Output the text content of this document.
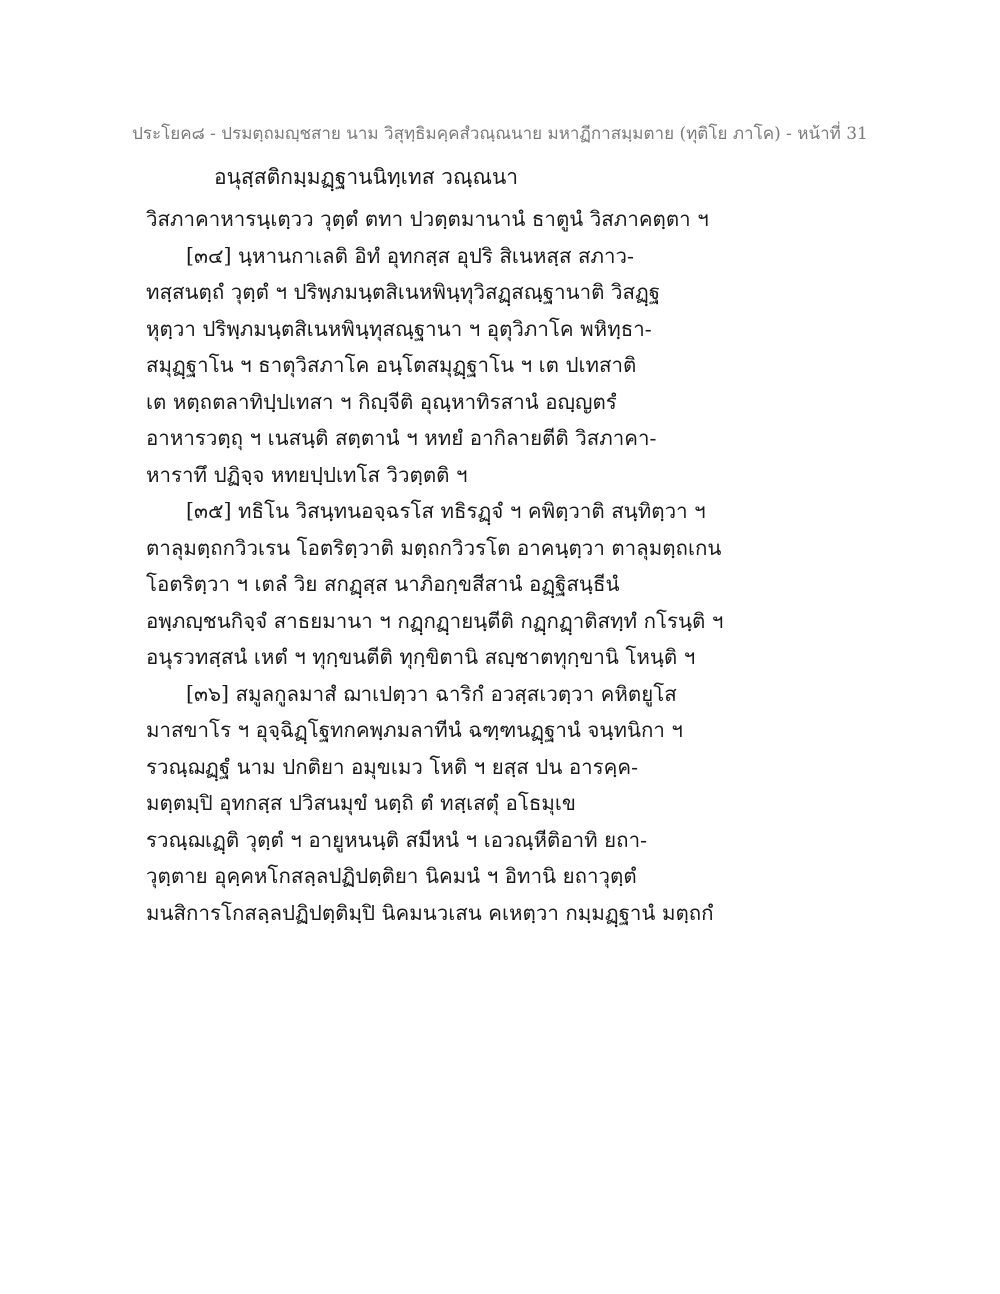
ประโยค๘ - ปรมตฺถมญฺชสาย นาม วิสุทฺธิมคฺคสํวณฺณนาย มหาฏีกาสมฺมตาย (ทุติโย ภาโค) - หน้าที่ 31
อนุสฺสติกมฺมฏฺฐานนิทฺเทส วณฺณนา
วิสภาคาหารนฺเตฺวว วุตฺตํ ตทา ปวตฺตมานานํ ธาตูนํ วิสภาคตฺตา ฯ
[๓๔] นฺหานกาเลติ อิทํ อุทกสฺส อุปริ สิเนหสฺส สภาว-
ทสฺสนตฺถํ วุตฺตํ ฯ ปริพฺภมนฺตสิเนหพินฺทุวิสฏฺสณฺฐานาติ วิสฏฺฐ
หุตฺวา ปริพฺภมนฺตสิเนหพินฺทุสณฺฐานา ฯ อุตุวิภาโค พหิทฺธา-
สมุฏฺฐาโน ฯ ธาตุวิสภาโค อนฺโตสมุฏฺฐาโน ฯ เต ปเทสาติ
เต หตฺถตลาทิปฺปเทสา ฯ กิญฺจีติ อุณฺหาทิรสานํ อญฺญตรํ
อาหารวตฺถุ ฯ เนสนฺติ สตฺตานํ ฯ หทยํ อากิลายตีติ วิสภาคา-
หาราทึ ปฏิจฺจ หทยปฺปเทโส วิวตฺตติ ฯ
[๓๕] ทธิโน วิสนฺทนอจฺฉรโส ทธิรฏฺจํ ฯ คพิตฺวาติ สนฺทิตฺวา ฯ
ตาลุมตฺถกวิวเรน โอตริตฺวาติ มตฺถกวิวรโต อาคนฺตฺวา ตาลุมตฺถเกน
โอตริตฺวา ฯ เตลํ วิย สกฏฺสฺส นาภิอกฺขสีสานํ อฏฺฐิสนฺธีนํ
อพฺภญฺชนกิจฺจํ สาธยมานา ฯ กฏฺกฏฺายนฺตีติ กฏฺกฏฺาติสทฺทํ กโรนฺติ ฯ
อนุรวทสฺสนํ เหตํ ฯ ทุกฺขนตีติ ทุกฺขิตานิ สญฺชาตทุกฺขานิ โหนฺติ ฯ
[๓๖] สมูลกูลมาสํ ฌาเปตฺวา ฉาริกํ อวสฺสเวตฺวา คหิตยูโส
มาสขาโร ฯ อุจฺฉิฏฺโฐทกคพฺภมลาทีนํ ฉฑฺฑนฏฺฐานํ จนฺทนิกา ฯ
รวณฺฌฏฺฐํ นาม ปกติยา อมุขเมว โหติ ฯ ยสฺส ปน อารคฺค-
มตฺตมฺปิ อุทกสฺส ปวิสนมุขํ นตฺถิ ตํ ทสฺเสตุํ อโธมุเข
รวณฺฌเฏฺติ วุตฺตํ ฯ อายูหนนฺติ สมีหนํ ฯ เอวณฺหีติอาทิ ยถา-
วุตฺตาย อุคฺคหโกสลฺลปฏิปตฺติยา นิคมนํ ฯ อิทานิ ยถาวุตฺตํ
มนสิการโกสลฺลปฏิปตฺติมฺปิ นิคมนวเสน คเหตฺวา กมฺมฏฺฐานํ มตฺถกํ
